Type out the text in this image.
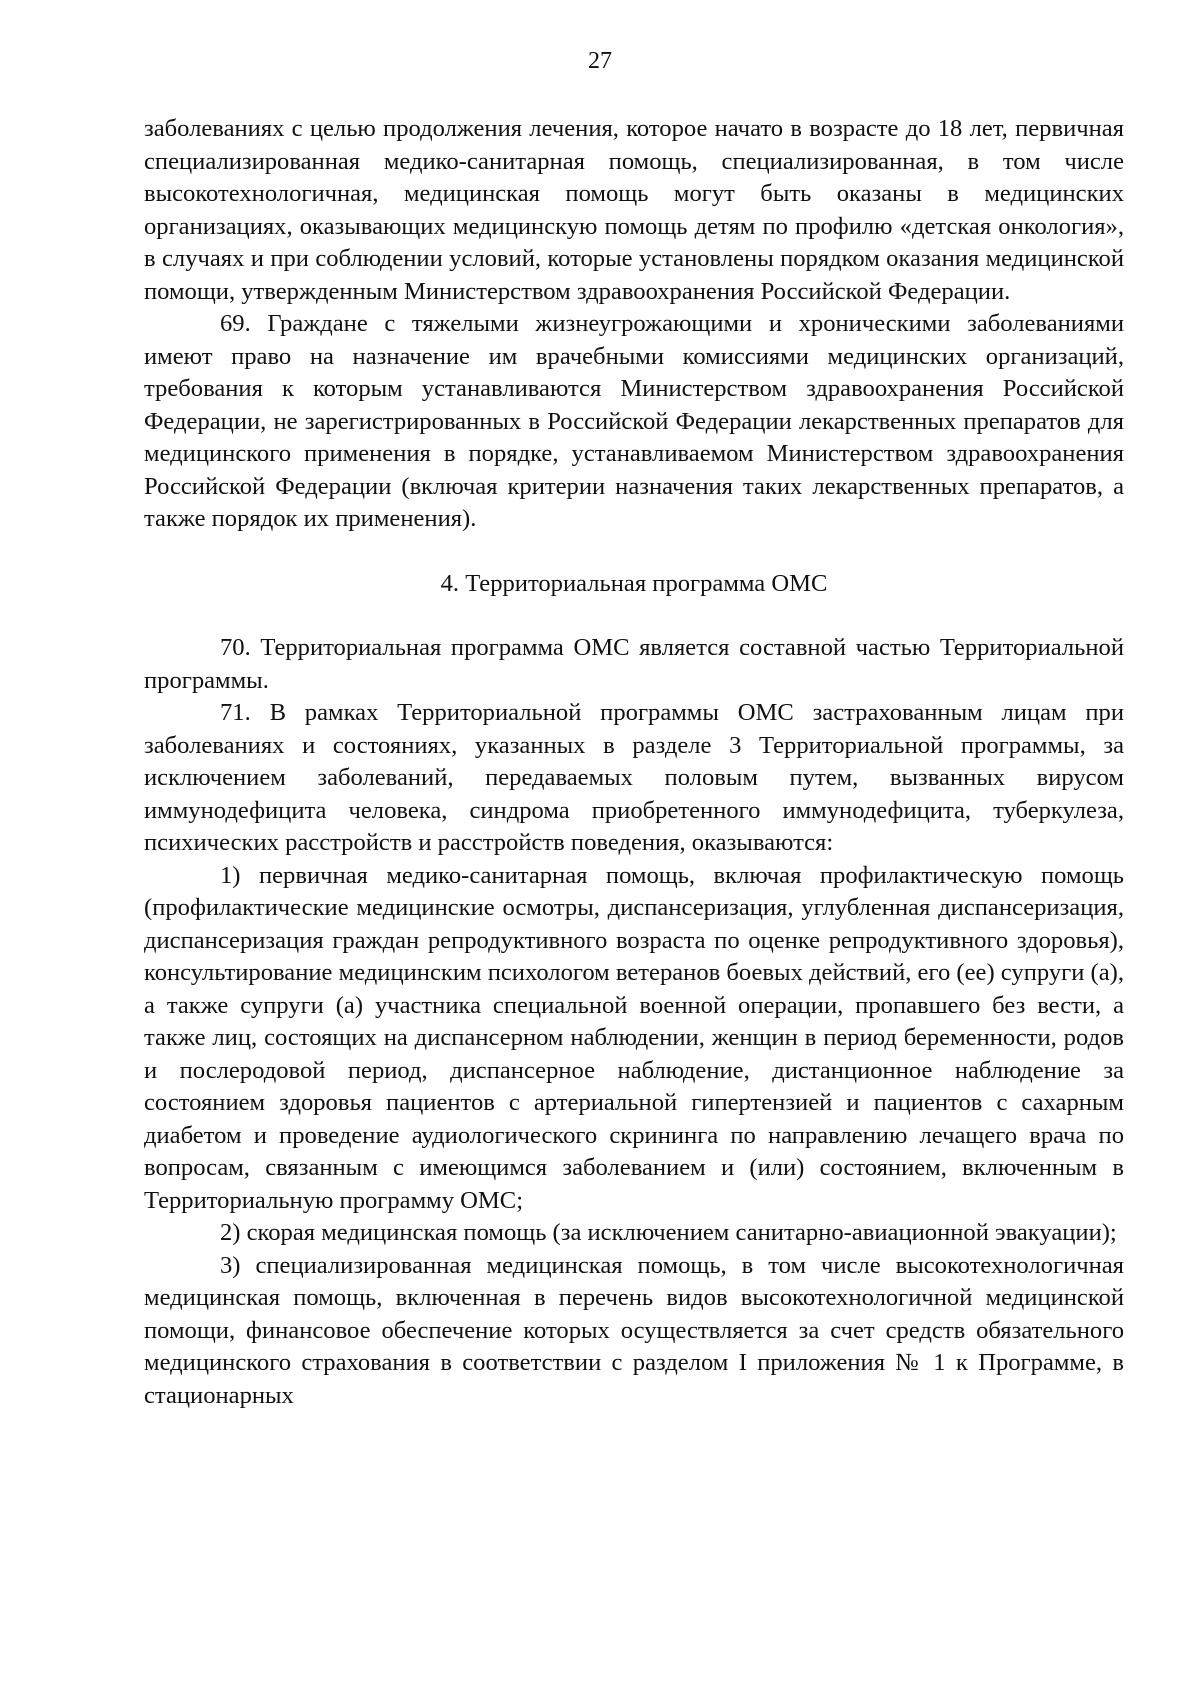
27

заболеваниях с целью продолжения лечения, которое начато в возрасте до 18 лет, первичная специализированная медико-санитарная помощь, специализированная, в том числе высокотехнологичная, медицинская помощь могут быть оказаны в медицинских организациях, оказывающих медицинскую помощь детям по профилю «детская онкология», в случаях и при соблюдении условий, которые установлены порядком оказания медицинской помощи, утвержденным Министерством здравоохранения Российской Федерации.

69. Граждане с тяжелыми жизнеугрожающими и хроническими заболеваниями имеют право на назначение им врачебными комиссиями медицинских организаций, требования к которым устанавливаются Министерством здравоохранения Российской Федерации, не зарегистрированных в Российской Федерации лекарственных препаратов для медицинского применения в порядке, устанавливаемом Министерством здравоохранения Российской Федерации (включая критерии назначения таких лекарственных препаратов, а также порядок их применения).

4. Территориальная программа ОМС

70. Территориальная программа ОМС является составной частью Территориальной программы.

71. В рамках Территориальной программы ОМС застрахованным лицам при заболеваниях и состояниях, указанных в разделе 3 Территориальной программы, за исключением заболеваний, передаваемых половым путем, вызванных вирусом иммунодефицита человека, синдрома приобретенного иммунодефицита, туберкулеза, психических расстройств и расстройств поведения, оказываются:

1) первичная медико-санитарная помощь, включая профилактическую помощь (профилактические медицинские осмотры, диспансеризация, углубленная диспансеризация, диспансеризация граждан репродуктивного возраста по оценке репродуктивного здоровья), консультирование медицинским психологом ветеранов боевых действий, его (ее) супруги (а), а также супруги (а) участника специальной военной операции, пропавшего без вести, а также лиц, состоящих на диспансерном наблюдении, женщин в период беременности, родов и послеродовой период, диспансерное наблюдение, дистанционное наблюдение за состоянием здоровья пациентов с артериальной гипертензией и пациентов с сахарным диабетом и проведение аудиологического скрининга по направлению лечащего врача по вопросам, связанным с имеющимся заболеванием и (или) состоянием, включенным в Территориальную программу ОМС;

2) скорая медицинская помощь (за исключением санитарно-авиационной эвакуации);

3) специализированная медицинская помощь, в том числе высокотехнологичная медицинская помощь, включенная в перечень видов высокотехнологичной медицинской помощи, финансовое обеспечение которых осуществляется за счет средств обязательного медицинского страхования в соответствии с разделом I приложения № 1 к Программе, в стационарных
